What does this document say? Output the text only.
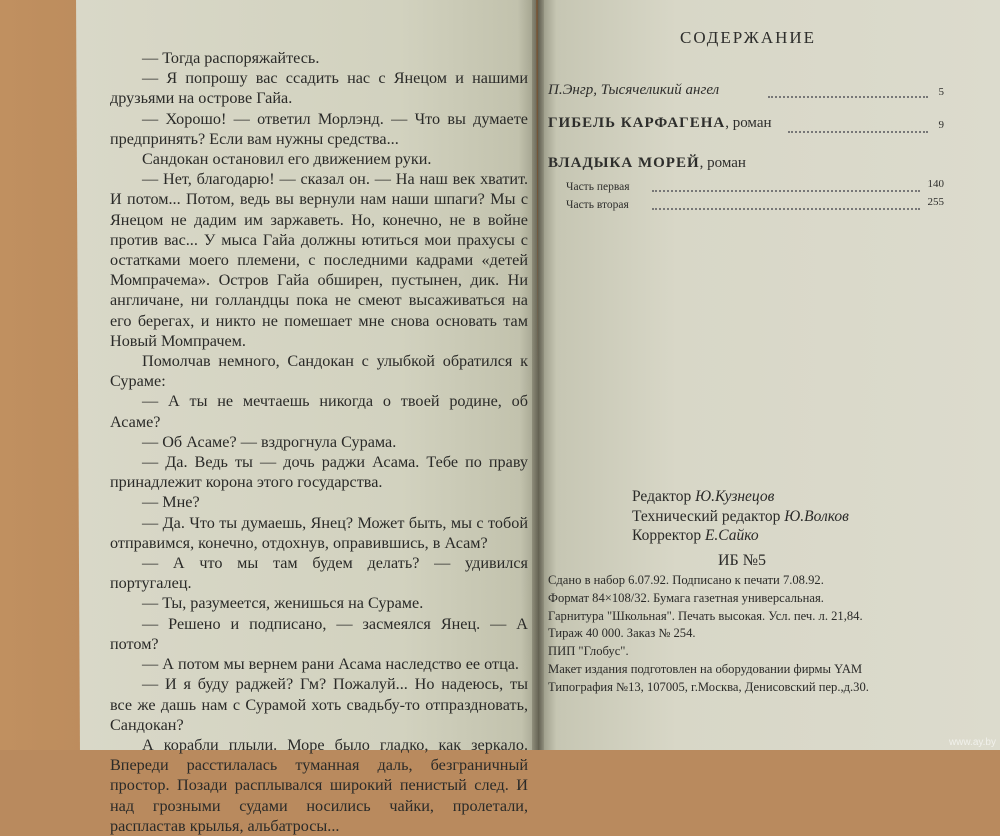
— Тогда распоряжайтесь.

— Я попрошу вас ссадить нас с Янецом и нашими друзьями на острове Гайа.

— Хорошо! — ответил Морлэнд. — Что вы думаете предпринять? Если вам нужны средства...

Сандокан остановил его движением руки.

— Нет, благодарю! — сказал он. — На наш век хватит. И потом... Потом, ведь вы вернули нам наши шпаги? Мы с Янецом не дадим им заржаветь. Но, конечно, не в войне против вас... У мыса Гайа должны ютиться мои прахусы с остатками моего племени, с последними кадрами «детей Момпрачема». Остров Гайа обширен, пустынен, дик. Ни англичане, ни голландцы пока не смеют высаживаться на его берегах, и никто не помешает мне снова основать там Новый Момпрачем.

Помолчав немного, Сандокан с улыбкой обратился к Сураме:

— А ты не мечтаешь никогда о твоей родине, об Асаме?

— Об Асаме? — вздрогнула Сурама.

— Да. Ведь ты — дочь раджи Асама. Тебе по праву принадлежит корона этого государства.

— Мне?

— Да. Что ты думаешь, Янец? Может быть, мы с тобой отправимся, конечно, отдохнув, оправившись, в Асам?

— А что мы там будем делать? — удивился португалец.

— Ты, разумеется, женишься на Сураме.

— Решено и подписано, — засмеялся Янец. — А потом?

— А потом мы вернем рани Асама наследство ее отца.

— И я буду раджей? Гм? Пожалуй... Но надеюсь, ты все же дашь нам с Сурамой хоть свадьбу-то отпраздновать, Сандокан?

А корабли плыли. Море было гладко, как зеркало. Впереди расстилалась туманная даль, безграничный простор. Позади расплывался широкий пенистый след. И над грозными судами носились чайки, пролетали, распластав крылья, альбатросы...

СОДЕРЖАНИЕ
П.Энгр, Тысячеликий ангел	5
ГИБЕЛЬ КАРФАГЕНА, роман	9
ВЛАДЫКА МОРЕЙ, роман
Часть первая	140
Часть вторая	255
Редактор Ю.Кузнецов
Технический редактор Ю.Волков
Корректор Е.Сайко
ИБ №5
Сдано в набор 6.07.92. Подписано к печати 7.08.92.
Формат 84×108/32. Бумага газетная универсальная.
Гарнитура "Школьная". Печать высокая. Усл. печ. л. 21,84.
Тираж 40 000. Заказ № 254.
ПИП "Глобус".
Макет издания подготовлен на оборудовании фирмы YAM
Типография №13, 107005, г.Москва, Денисовский пер.,д.30.
www.ay.by
